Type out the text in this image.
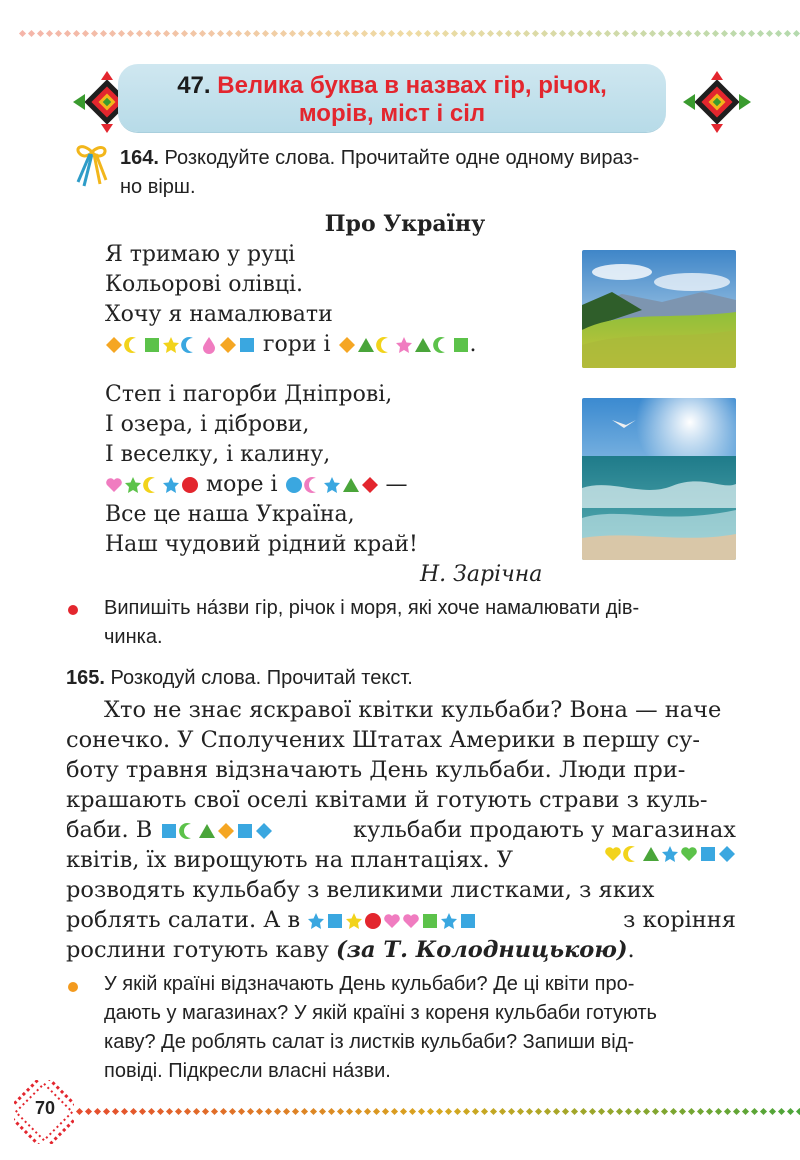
47. Велика буква в назвах гір, річок,
морів, міст і сіл
164. Розкодуйте слова. Прочитайте одне одному вираз-
но вірш.
Про Україну
Я тримаю у руці
Кольорові олівці.
Хочу я намалювати
гори і	.
Степ і пагорби Дніпрові,
І озера, і діброви,
І веселку, і калину,
море і	—
Все це наша Україна,
Наш чудовий рідний край!
Н. Зарічна
Випишіть на́зви гір, річок і моря, які хоче намалювати дів-
чинка.
165. Розкодуй слова. Прочитай текст.
Хто не знає яскравої квітки кульбаби? Вона — наче
сонечко. У Сполучених Штатах Америки в першу су-
боту травня відзначають День кульбаби. Люди при-
крашають свої оселі квітами й готують страви з куль-
баби. В	кульбаби продають у магазинах
квітів, їх вирощують на плантаціях. У
розводять кульбабу з великими листками, з яких
роблять салати. А в	з коріння
рослини готують каву
(за Т. Колодницькою) .
У якій країні відзначають День кульбаби? Де ці квіти про-
дають у магазинах? У якій країні з кореня кульбаби готують
каву? Де роблять салат із листків кульбаби? Запиши від-
повіді. Підкресли власні на́зви.
70
